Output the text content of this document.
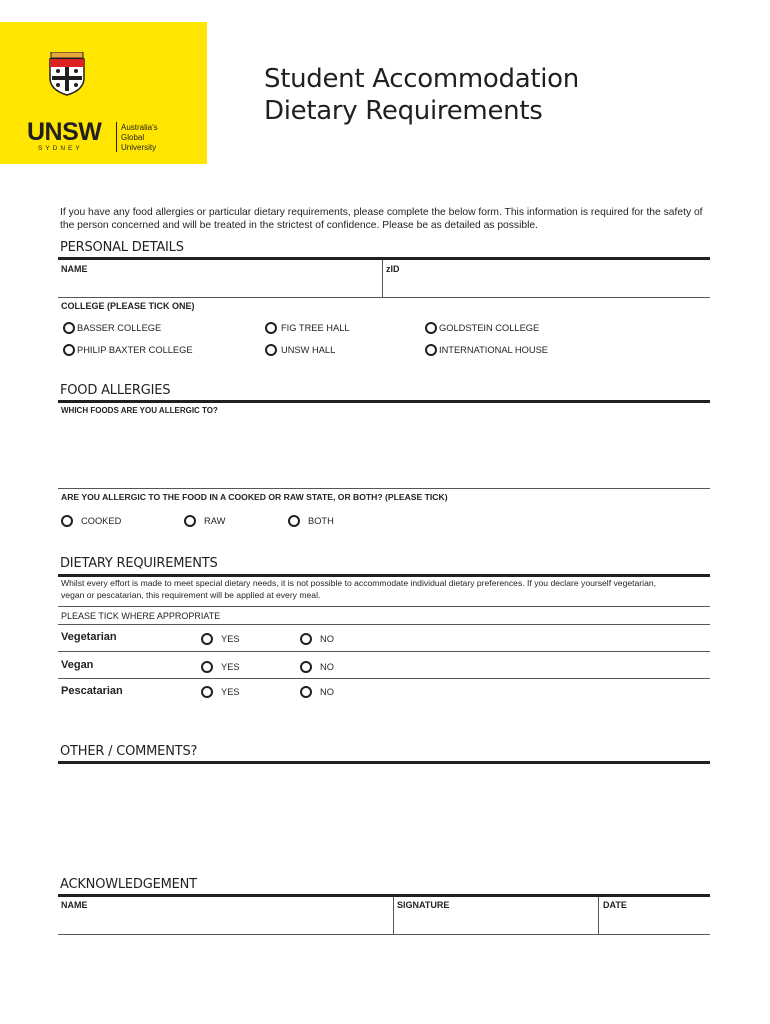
UNSW
SYDNEY
Australia's
Global
University
Student Accommodation
Dietary Requirements
If you have any food allergies or particular dietary requirements, please complete the below form. This information is required for the safety of the person concerned and will be treated in the strictest of confidence. Please be as detailed as possible.
PERSONAL DETAILS
NAME	zID
COLLEGE (PLEASE TICK ONE)
BASSER COLLEGE	FIG TREE HALL	GOLDSTEIN COLLEGE
PHILIP BAXTER COLLEGE	UNSW HALL	INTERNATIONAL HOUSE
FOOD ALLERGIES
WHICH FOODS ARE YOU ALLERGIC TO?
ARE YOU ALLERGIC TO THE FOOD IN A COOKED OR RAW STATE, OR BOTH? (PLEASE TICK)
COOKED	RAW	BOTH
DIETARY REQUIREMENTS
Whilst every effort is made to meet special dietary needs, it is not possible to accommodate individual dietary preferences. If you declare yourself vegetarian, vegan or pescatarian, this requirement will be applied at every meal.
PLEASE TICK WHERE APPROPRIATE
Vegetarian	YES	NO
Vegan	YES	NO
Pescatarian	YES	NO
OTHER / COMMENTS?
ACKNOWLEDGEMENT
NAME	SIGNATURE	DATE
